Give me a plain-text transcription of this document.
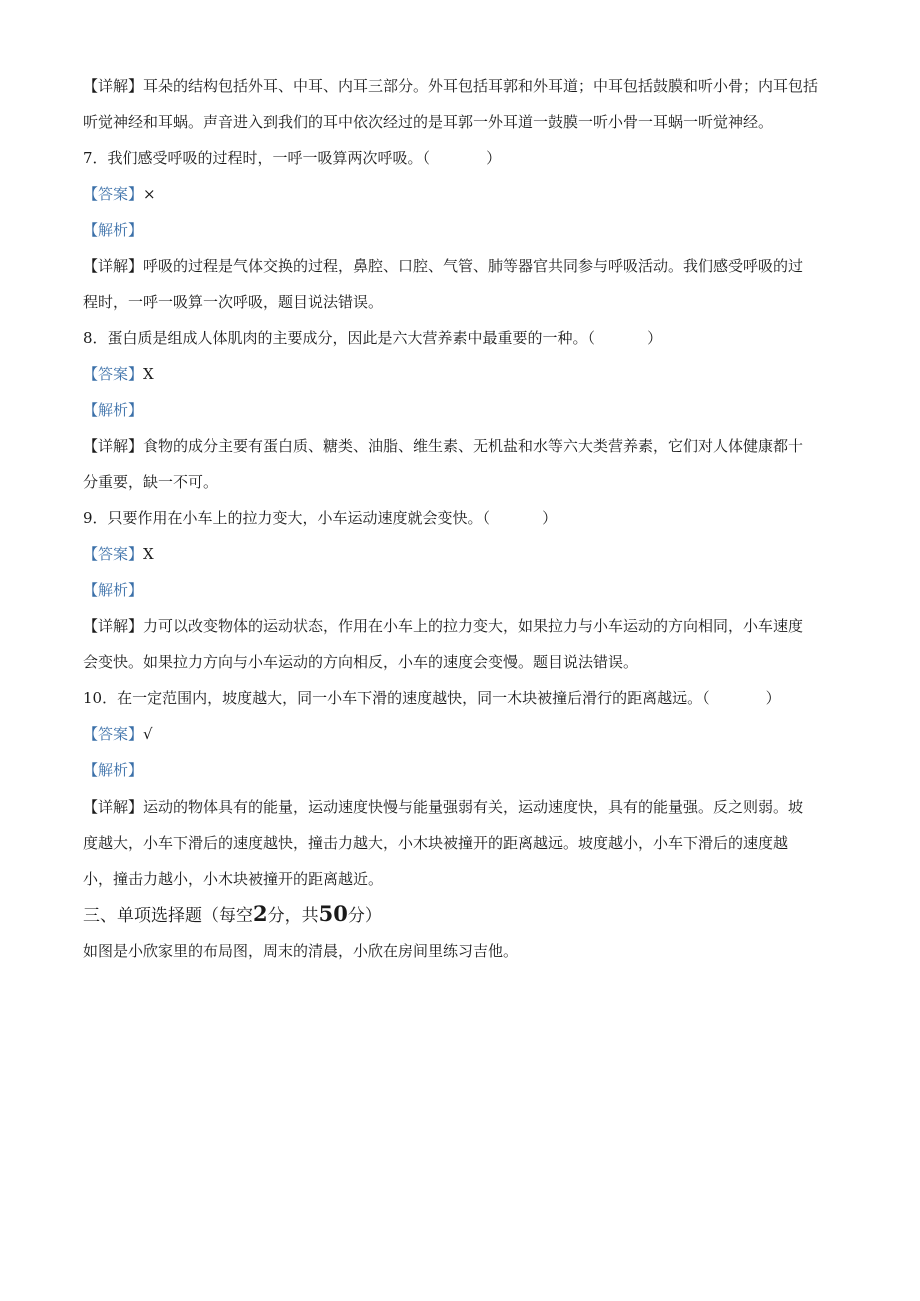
【详解】耳朵的结构包括外耳、中耳、内耳三部分。外耳包括耳郭和外耳道；中耳包括鼓膜和听小骨；内耳包括
听觉神经和耳蜗。声音进入到我们的耳中依次经过的是耳郭一外耳道一鼓膜一听小骨一耳蜗一听觉神经。
7．我们感受呼吸的过程时，一呼一吸算两次呼吸。（	）
【答案】×
【解析】
【详解】呼吸的过程是气体交换的过程，鼻腔、口腔、气管、肺等器官共同参与呼吸活动。我们感受呼吸的过
程时，一呼一吸算一次呼吸，题目说法错误。
8．蛋白质是组成人体肌肉的主要成分，因此是六大营养素中最重要的一种。（	）
【答案】X
【解析】
【详解】食物的成分主要有蛋白质、糖类、油脂、维生素、无机盐和水等六大类营养素，它们对人体健康都十
分重要，缺一不可。
9．只要作用在小车上的拉力变大，小车运动速度就会变快。（	）
【答案】X
【解析】
【详解】力可以改变物体的运动状态，作用在小车上的拉力变大，如果拉力与小车运动的方向相同，小车速度
会变快。如果拉力方向与小车运动的方向相反，小车的速度会变慢。题目说法错误。
10．在一定范围内，坡度越大，同一小车下滑的速度越快，同一木块被撞后滑行的距离越远。（	）
【答案】√
【解析】
【详解】运动的物体具有的能量，运动速度快慢与能量强弱有关，运动速度快，具有的能量强。反之则弱。坡
度越大，小车下滑后的速度越快，撞击力越大，小木块被撞开的距离越远。坡度越小，小车下滑后的速度越
小，撞击力越小，小木块被撞开的距离越近。
三、单项选择题（每空2分，共50分）
如图是小欣家里的布局图，周末的清晨，小欣在房间里练习吉他。
